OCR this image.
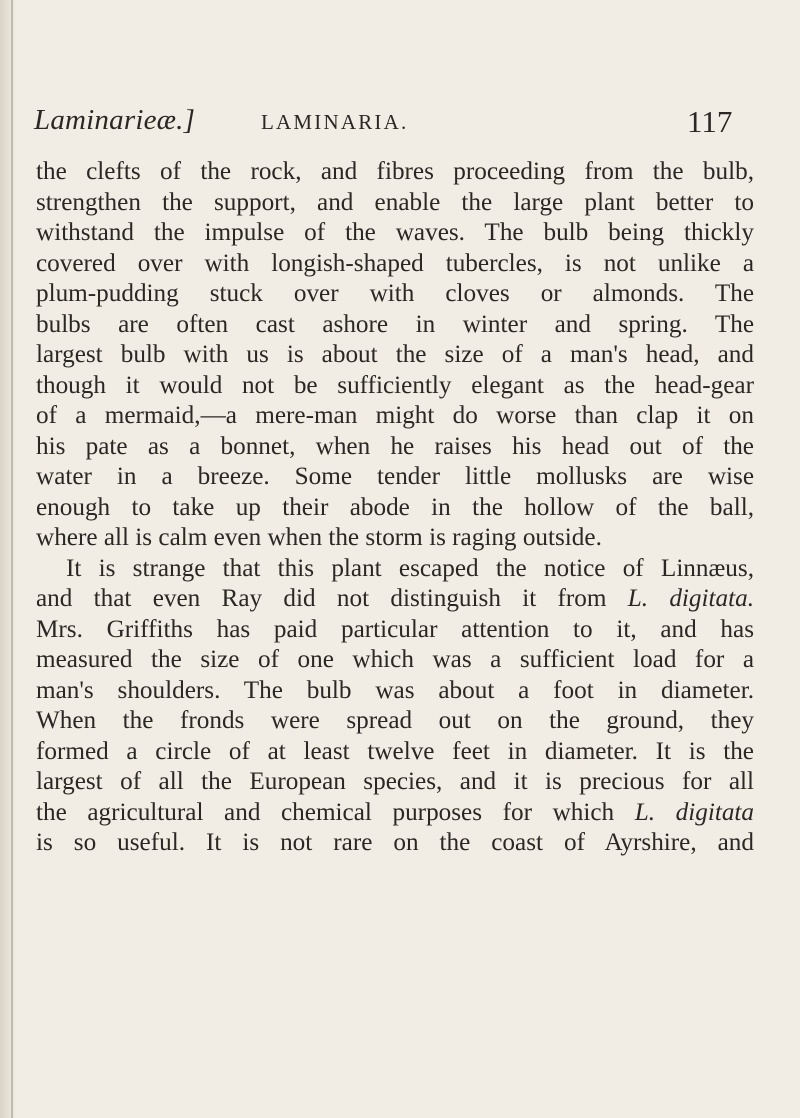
Laminarieæ.]	LAMINARIA.	117
the clefts of the rock, and fibres proceeding from the bulb,
strengthen the support, and enable the large plant better to
withstand the impulse of the waves. The bulb being thickly
covered over with longish-shaped tubercles, is not unlike a
plum-pudding stuck over with cloves or almonds. The
bulbs are often cast ashore in winter and spring. The
largest bulb with us is about the size of a man's head, and
though it would not be sufficiently elegant as the head-gear
of a mermaid,—a mere-man might do worse than clap it on
his pate as a bonnet, when he raises his head out of the
water in a breeze. Some tender little mollusks are wise
enough to take up their abode in the hollow of the ball,
where all is calm even when the storm is raging outside.
It is strange that this plant escaped the notice of Linnæus,
and that even Ray did not distinguish it from L. digitata.
Mrs. Griffiths has paid particular attention to it, and has
measured the size of one which was a sufficient load for a
man's shoulders. The bulb was about a foot in diameter.
When the fronds were spread out on the ground, they
formed a circle of at least twelve feet in diameter. It is the
largest of all the European species, and it is precious for all
the agricultural and chemical purposes for which L. digitata
is so useful. It is not rare on the coast of Ayrshire, and
